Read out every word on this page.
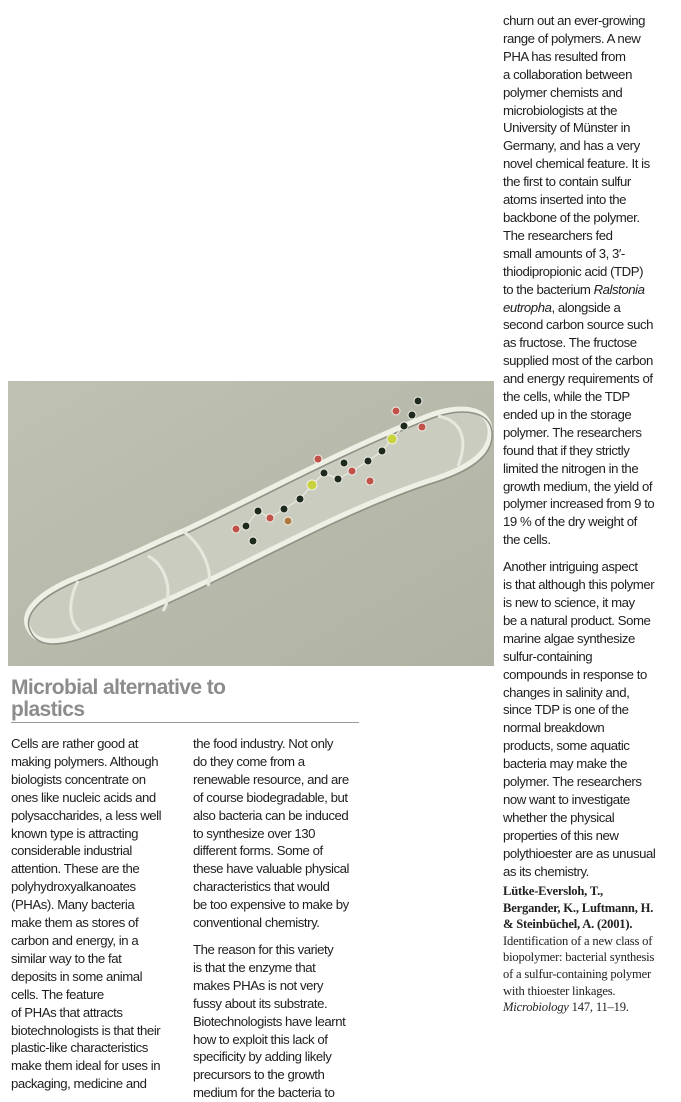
Microbial alternative to
plastics

Cells are rather good at
making polymers. Although
biologists concentrate on
ones like nucleic acids and
polysaccharides, a less well
known type is attracting
considerable industrial
attention. These are the
polyhydroxyalkanoates
(PHAs). Many bacteria
make them as stores of
carbon and energy, in a
similar way to the fat
deposits in some animal
cells. The feature
of PHAs that attracts
biotechnologists is that their
plastic-like characteristics
make them ideal for uses in
packaging, medicine and

the food industry. Not only
do they come from a
renewable resource, and are
of course biodegradable, but
also bacteria can be induced
to synthesize over 130
different forms. Some of
these have valuable physical
characteristics that would
be too expensive to make by
conventional chemistry.

The reason for this variety
is that the enzyme that
makes PHAs is not very
fussy about its substrate.
Biotechnologists have learnt
how to exploit this lack of
specificity by adding likely
precursors to the growth
medium for the bacteria to

churn out an ever-growing
range of polymers. A new
PHA has resulted from
a collaboration between
polymer chemists and
microbiologists at the
University of Münster in
Germany, and has a very
novel chemical feature. It is
the first to contain sulfur
atoms inserted into the
backbone of the polymer.
The researchers fed
small amounts of 3, 3′-
thiodipropionic acid (TDP)
to the bacterium Ralstonia
eutropha, alongside a
second carbon source such
as fructose. The fructose
supplied most of the carbon
and energy requirements of
the cells, while the TDP
ended up in the storage
polymer. The researchers
found that if they strictly
limited the nitrogen in the
growth medium, the yield of
polymer increased from 9 to
19 % of the dry weight of
the cells.

Another intriguing aspect
is that although this polymer
is new to science, it may
be a natural product. Some
marine algae synthesize
sulfur-containing
compounds in response to
changes in salinity and,
since TDP is one of the
normal breakdown
products, some aquatic
bacteria may make the
polymer. The researchers
now want to investigate
whether the physical
properties of this new
polythioester are as unusual
as its chemistry.

Lütke-Eversloh, T.,
Bergander, K., Luftmann, H.
& Steinbüchel, A. (2001).
Identification of a new class of
biopolymer: bacterial synthesis
of a sulfur-containing polymer
with thioester linkages.
Microbiology 147, 11–19.
